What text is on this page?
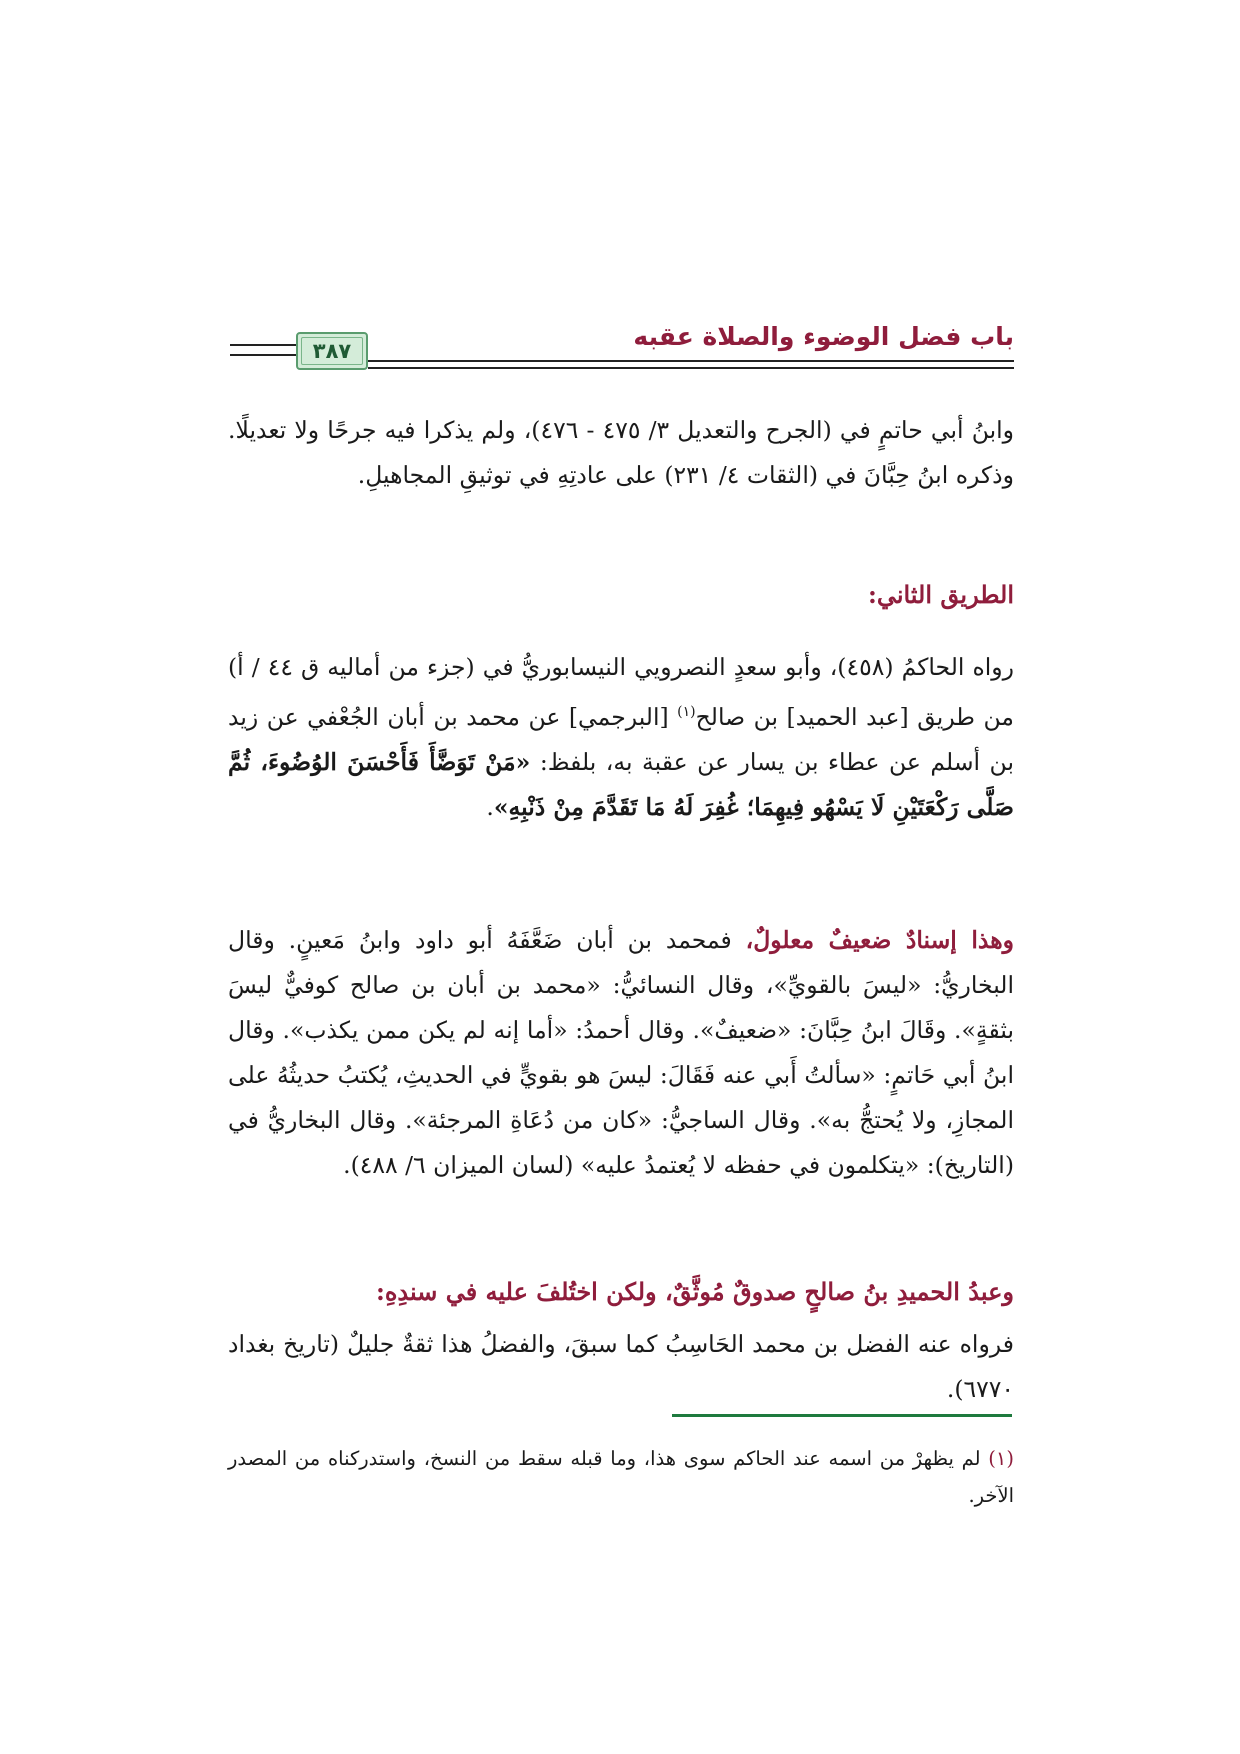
باب فضل الوضوء والصلاة عقبه
٣٨٧

وابنُ أبي حاتمٍ في (الجرح والتعديل ٣/ ٤٧٥ - ٤٧٦)، ولم يذكرا فيه جرحًا ولا تعديلًا. وذكره ابنُ حِبَّانَ في (الثقات ٤/ ٢٣١) على عادتِهِ في توثيقِ المجاهيلِ.

الطريق الثاني:

رواه الحاكمُ (٤٥٨)، وأبو سعدٍ النصرويي النيسابوريُّ في (جزء من أماليه ق ٤٤ / أ) من طريق [عبد الحميد] بن صالح$^{(١)}$ [البرجمي] عن محمد بن أبان الجُعْفي عن زيد بن أسلم عن عطاء بن يسار عن عقبة به، بلفظ: «مَنْ تَوَضَّأَ فَأَحْسَنَ الوُضُوءَ، ثُمَّ صَلَّى رَكْعَتَيْنِ لَا يَسْهُو فِيهِمَا؛ غُفِرَ لَهُ مَا تَقَدَّمَ مِنْ ذَنْبِهِ».

وهذا إسنادٌ ضعيفٌ معلولٌ، فمحمد بن أبان ضَعَّفَهُ أبو داود وابنُ مَعينٍ. وقال البخاريُّ: «ليسَ بالقويِّ»، وقال النسائيُّ: «محمد بن أبان بن صالح كوفيٌّ ليسَ بثقةٍ». وقَالَ ابنُ حِبَّانَ: «ضعيفٌ». وقال أحمدُ: «أما إنه لم يكن ممن يكذب». وقال ابنُ أبي حَاتمٍ: «سألتُ أَبي عنه فَقَالَ: ليسَ هو بقويٍّ في الحديثِ، يُكتبُ حديثُهُ على المجازِ، ولا يُحتجُّ به». وقال الساجيُّ: «كان من دُعَاةِ المرجئة». وقال البخاريُّ في (التاريخ): «يتكلمون في حفظه لا يُعتمدُ عليه» (لسان الميزان ٦/ ٤٨٨).

وعبدُ الحميدِ بنُ صالحٍ صدوقٌ مُوثَّقٌ، ولكن اختُلفَ عليه في سندِهِ:

فرواه عنه الفضل بن محمد الحَاسِبُ كما سبقَ، والفضلُ هذا ثقةٌ جليلٌ (تاريخ بغداد ٦٧٧٠).

(١) لم يظهرْ من اسمه عند الحاكم سوى هذا، وما قبله سقط من النسخ، واستدركناه من المصدر الآخر.
